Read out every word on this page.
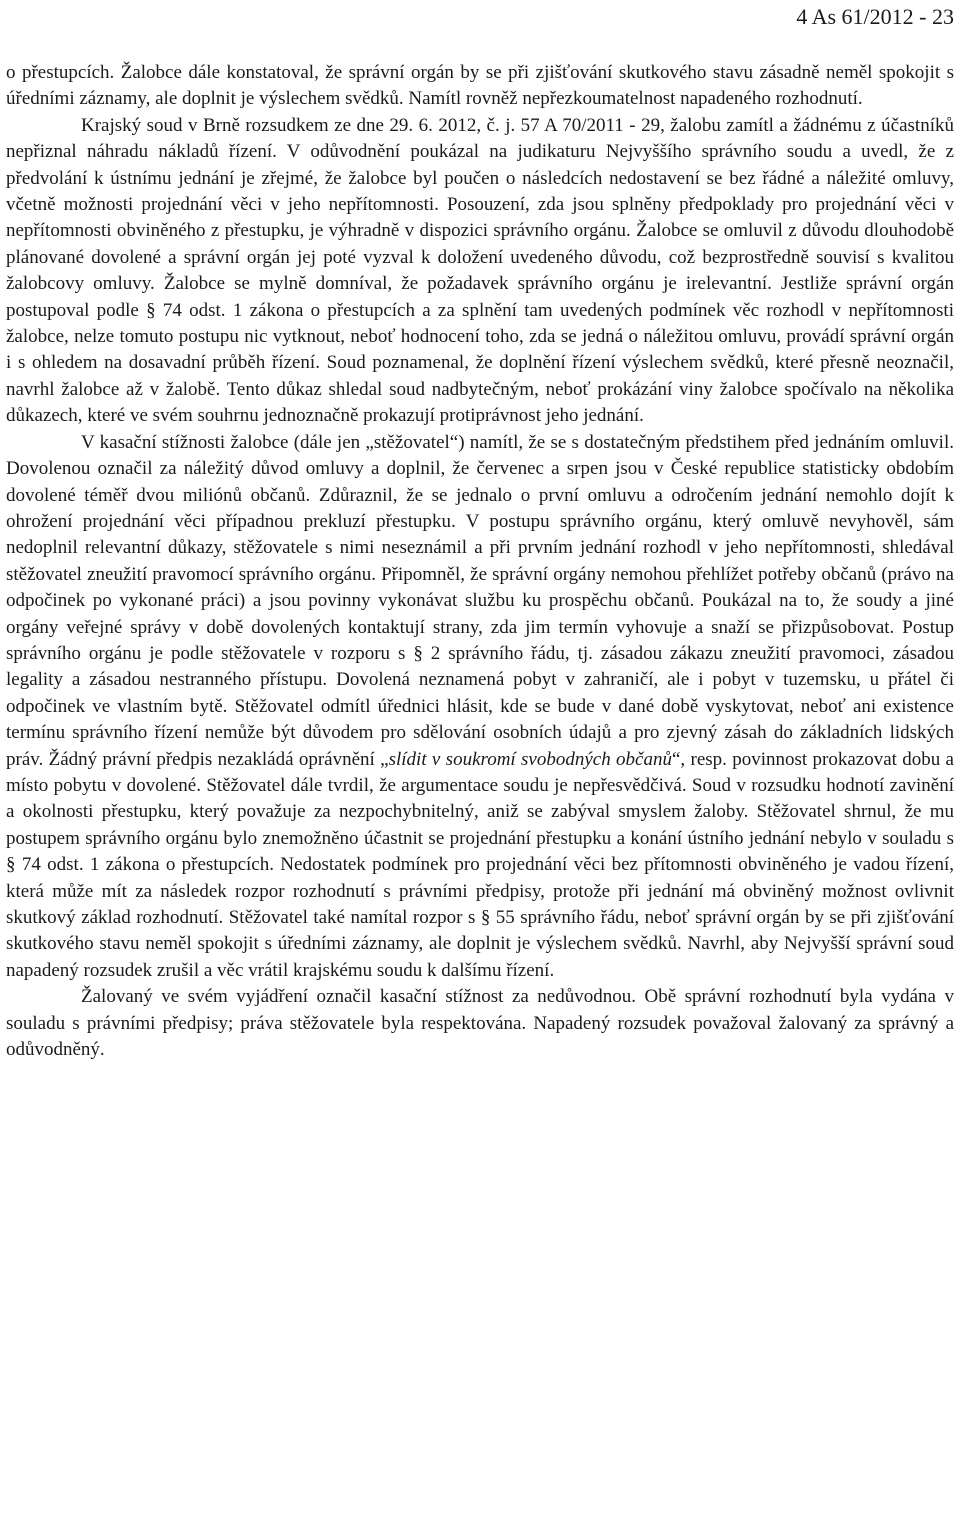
4 As 61/2012 - 23

o přestupcích. Žalobce dále konstatoval, že správní orgán by se při zjišťování skutkového stavu zásadně neměl spokojit s úředními záznamy, ale doplnit je výslechem svědků. Namítl rovněž nepřezkoumatelnost napadeného rozhodnutí.

Krajský soud v Brně rozsudkem ze dne 29. 6. 2012, č. j. 57 A 70/2011 - 29, žalobu zamítl a žádnému z účastníků nepřiznal náhradu nákladů řízení. V odůvodnění poukázal na judikaturu Nejvyššího správního soudu a uvedl, že z předvolání k ústnímu jednání je zřejmé, že žalobce byl poučen o následcích nedostavení se bez řádné a náležité omluvy, včetně možnosti projednání věci v jeho nepřítomnosti. Posouzení, zda jsou splněny předpoklady pro projednání věci v nepřítomnosti obviněného z přestupku, je výhradně v dispozici správního orgánu. Žalobce se omluvil z důvodu dlouhodobě plánované dovolené a správní orgán jej poté vyzval k doložení uvedeného důvodu, což bezprostředně souvisí s kvalitou žalobcovy omluvy. Žalobce se mylně domníval, že požadavek správního orgánu je irelevantní. Jestliže správní orgán postupoval podle § 74 odst. 1 zákona o přestupcích a za splnění tam uvedených podmínek věc rozhodl v nepřítomnosti žalobce, nelze tomuto postupu nic vytknout, neboť hodnocení toho, zda se jedná o náležitou omluvu, provádí správní orgán i s ohledem na dosavadní průběh řízení. Soud poznamenal, že doplnění řízení výslechem svědků, které přesně neoznačil, navrhl žalobce až v žalobě. Tento důkaz shledal soud nadbytečným, neboť prokázání viny žalobce spočívalo na několika důkazech, které ve svém souhrnu jednoznačně prokazují protiprávnost jeho jednání.

V kasační stížnosti žalobce (dále jen „stěžovatel“) namítl, že se s dostatečným předstihem před jednáním omluvil. Dovolenou označil za náležitý důvod omluvy a doplnil, že červenec a srpen jsou v České republice statisticky obdobím dovolené téměř dvou miliónů občanů. Zdůraznil, že se jednalo o první omluvu a odročením jednání nemohlo dojít k ohrožení projednání věci případnou prekluzí přestupku. V postupu správního orgánu, který omluvě nevyhověl, sám nedoplnil relevantní důkazy, stěžovatele s nimi neseznámil a při prvním jednání rozhodl v jeho nepřítomnosti, shledával stěžovatel zneužití pravomocí správního orgánu. Připomněl, že správní orgány nemohou přehlížet potřeby občanů (právo na odpočinek po vykonané práci) a jsou povinny vykonávat službu ku prospěchu občanů. Poukázal na to, že soudy a jiné orgány veřejné správy v době dovolených kontaktují strany, zda jim termín vyhovuje a snaží se přizpůsobovat. Postup správního orgánu je podle stěžovatele v rozporu s § 2 správního řádu, tj. zásadou zákazu zneužití pravomoci, zásadou legality a zásadou nestranného přístupu. Dovolená neznamená pobyt v zahraničí, ale i pobyt v tuzemsku, u přátel či odpočinek ve vlastním bytě. Stěžovatel odmítl úřednici hlásit, kde se bude v dané době vyskytovat, neboť ani existence termínu správního řízení nemůže být důvodem pro sdělování osobních údajů a pro zjevný zásah do základních lidských práv. Žádný právní předpis nezakládá oprávnění „slídit v soukromí svobodných občanů“, resp. povinnost prokazovat dobu a místo pobytu v dovolené. Stěžovatel dále tvrdil, že argumentace soudu je nepřesvědčivá. Soud v rozsudku hodnotí zavinění a okolnosti přestupku, který považuje za nezpochybnitelný, aniž se zabýval smyslem žaloby. Stěžovatel shrnul, že mu postupem správního orgánu bylo znemožněno účastnit se projednání přestupku a konání ústního jednání nebylo v souladu s § 74 odst. 1 zákona o přestupcích. Nedostatek podmínek pro projednání věci bez přítomnosti obviněného je vadou řízení, která může mít za následek rozpor rozhodnutí s právními předpisy, protože při jednání má obviněný možnost ovlivnit skutkový základ rozhodnutí. Stěžovatel také namítal rozpor s § 55 správního řádu, neboť správní orgán by se při zjišťování skutkového stavu neměl spokojit s úředními záznamy, ale doplnit je výslechem svědků. Navrhl, aby Nejvyšší správní soud napadený rozsudek zrušil a věc vrátil krajskému soudu k dalšímu řízení.

Žalovaný ve svém vyjádření označil kasační stížnost za nedůvodnou. Obě správní rozhodnutí byla vydána v souladu s právními předpisy; práva stěžovatele byla respektována. Napadený rozsudek považoval žalovaný za správný a odůvodněný.
